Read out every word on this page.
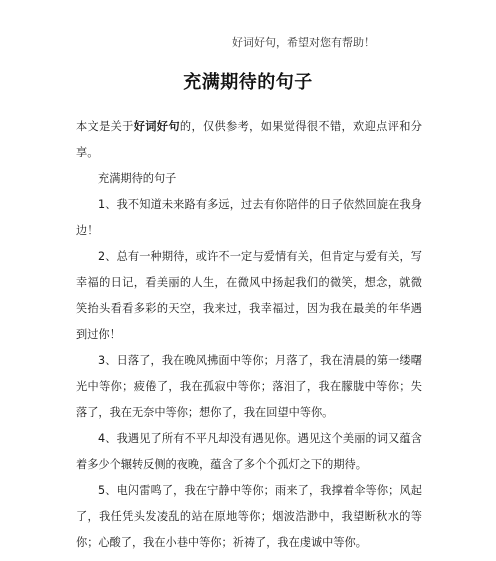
好词好句，希望对您有帮助！
充满期待的句子

本文是关于好词好句的，仅供参考，如果觉得很不错，欢迎点评和分享。

充满期待的句子

1、我不知道未来路有多远，过去有你陪伴的日子依然回旋在我身边！

2、总有一种期待，或许不一定与爱情有关，但肯定与爱有关，写幸福的日记，看美丽的人生，在微风中扬起我们的微笑，想念，就微笑抬头看看多彩的天空，我来过，我幸福过，因为我在最美的年华遇到过你！

3、日落了，我在晚风拂面中等你；月落了，我在清晨的第一缕曙光中等你；疲倦了，我在孤寂中等你；落泪了，我在朦胧中等你；失落了，我在无奈中等你；想你了，我在回望中等你。

4、我遇见了所有不平凡却没有遇见你。遇见这个美丽的词又蕴含着多少个辗转反侧的夜晚，蕴含了多个个孤灯之下的期待。

5、电闪雷鸣了，我在宁静中等你；雨来了，我撑着伞等你；风起了，我任凭头发凌乱的站在原地等你；烟波浩渺中，我望断秋水的等你；心酸了，我在小巷中等你；祈祷了，我在虔诚中等你。
